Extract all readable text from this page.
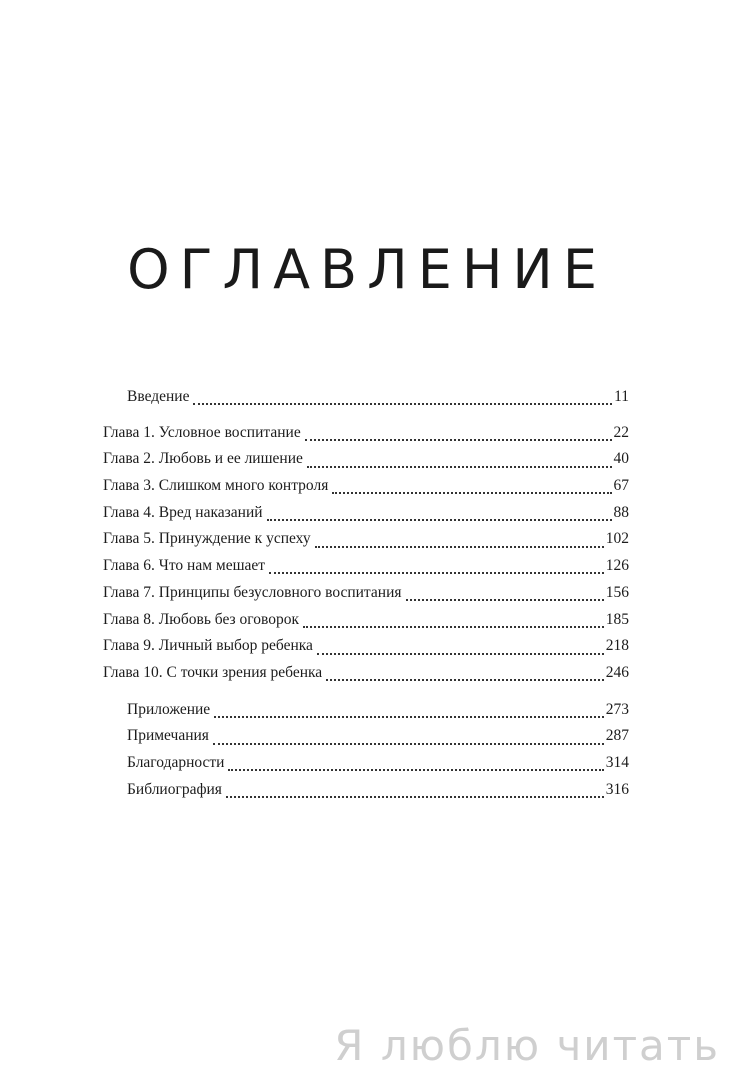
ОГЛАВЛЕНИЕ
Введение	11
Глава 1. Условное воспитание	22
Глава 2. Любовь и ее лишение	40
Глава 3. Слишком много контроля	67
Глава 4. Вред наказаний	88
Глава 5. Принуждение к успеху	102
Глава 6. Что нам мешает	126
Глава 7. Принципы безусловного воспитания	156
Глава 8. Любовь без оговорок	185
Глава 9. Личный выбор ребенка	218
Глава 10. С точки зрения ребенка	246
Приложение	273
Примечания	287
Благодарности	314
Библиография	316
Я люблю читать
